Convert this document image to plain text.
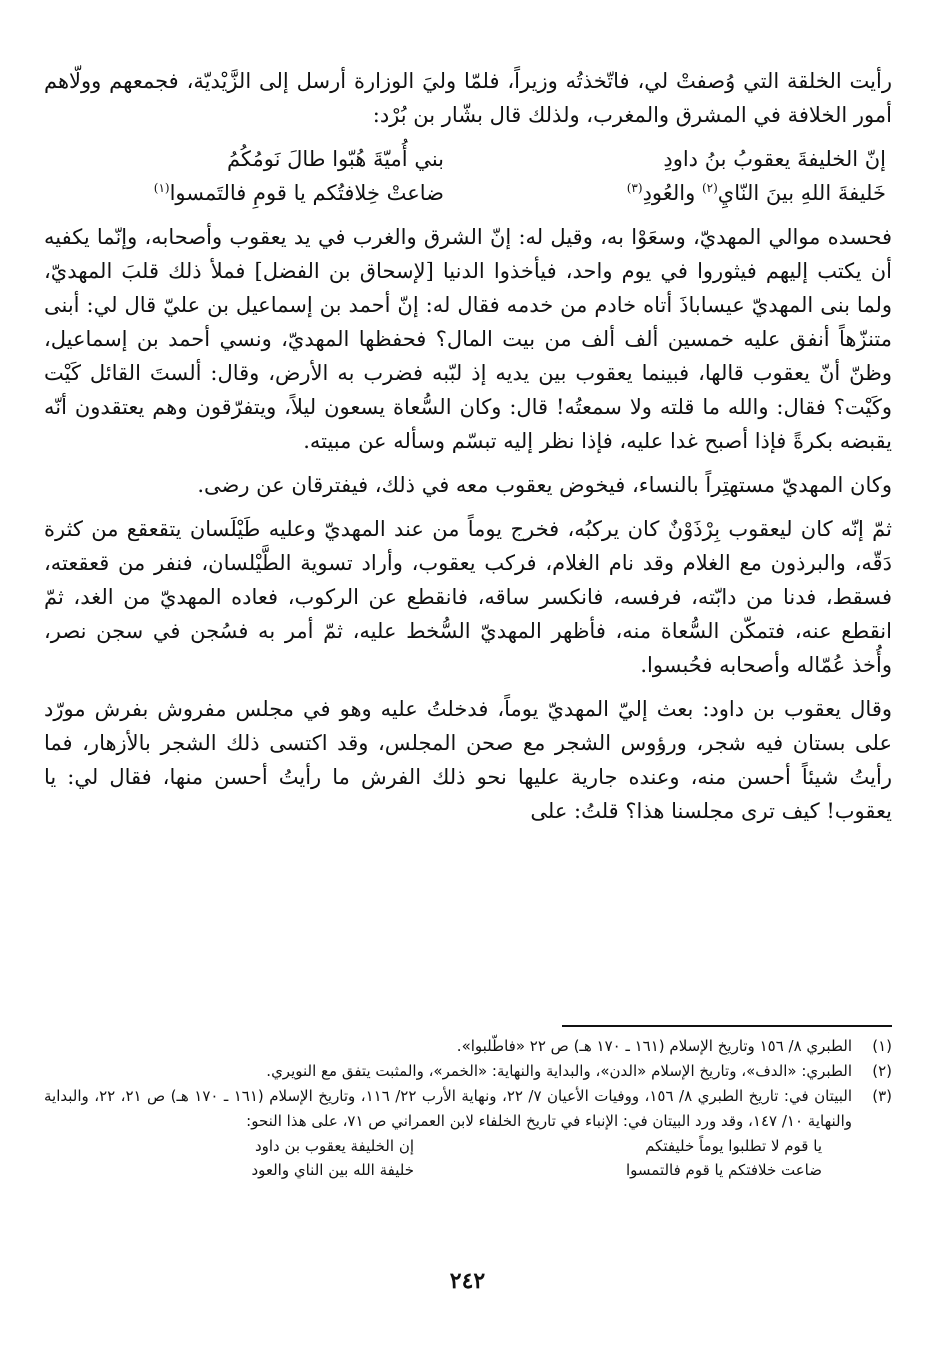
رأيت الخلقة التي وُصفتْ لي، فاتّخذتُه وزيراً، فلمّا وليَ الوزارة أرسل إلى الزَّيْديّة، فجمعهم وولّاهم أمور الخلافة في المشرق والمغرب، ولذلك قال بشّار بن بُرْد:

إنّ الخليفةَ يعقوبُ بنُ داودِ
بني أُميّةَ هُبّوا طالَ نَومُكُمُ
خَليفةَ اللهِ بينَ النّايِ$^{(٢)}$ والعُودِ$^{(٣)}$
ضاعتْ خِلافتُكم يا قومِ فالتَمسوا$^{(١)}$

فحسده موالي المهديّ، وسعَوْا به، وقيل له: إنّ الشرق والغرب في يد يعقوب وأصحابه، وإنّما يكفيه أن يكتب إليهم فيثوروا في يوم واحد، فيأخذوا الدنيا [لإسحاق بن الفضل] فملأ ذلك قلبَ المهديّ، ولما بنى المهديّ عيساباذَ أتاه خادم من خدمه فقال له: إنّ أحمد بن إسماعيل بن عليّ قال لي: أبنى متنزّهاً أنفق عليه خمسين ألف ألف من بيت المال؟ فحفظها المهديّ، ونسي أحمد بن إسماعيل، وظنّ أنّ يعقوب قالها، فبينما يعقوب بين يديه إذ لبّبه فضرب به الأرض، وقال: ألستَ القائل كَيْت وكَيْت؟ فقال: والله ما قلته ولا سمعتُه! قال: وكان السُّعاة يسعون ليلاً، ويتفرّقون وهم يعتقدون أنّه يقبضه بكرةً فإذا أصبح غدا عليه، فإذا نظر إليه تبسّم وسأله عن مبيته.

وكان المهديّ مستهتِراً بالنساء، فيخوض يعقوب معه في ذلك، فيفترقان عن رضى.

ثمّ إنّه كان ليعقوب بِرْذَوْنٌ كان يركبُه، فخرج يوماً من عند المهديّ وعليه طَيْلَسان يتقعقع من كثرة دَقّه، والبرذون مع الغلام وقد نام الغلام، فركب يعقوب، وأراد تسوية الطَّيْلسان، فنفر من قعقعته، فسقط، فدنا من دابّته، فرفسه، فانكسر ساقه، فانقطع عن الركوب، فعاده المهديّ من الغد، ثمّ انقطع عنه، فتمكّن السُّعاة منه، فأظهر المهديّ السُّخط عليه، ثمّ أمر به فسُجن في سجن نصر، وأُخذ عُمّاله وأصحابه فحُبسوا.

وقال يعقوب بن داود: بعث إليّ المهديّ يوماً، فدخلتُ عليه وهو في مجلس مفروش بفرش مورّد على بستان فيه شجر، ورؤوس الشجر مع صحن المجلس، وقد اكتسى ذلك الشجر بالأزهار، فما رأيتُ شيئاً أحسن منه، وعنده جارية عليها نحو ذلك الفرش ما رأيتُ أحسن منها، فقال لي: يا يعقوب! كيف ترى مجلسنا هذا؟ قلتُ: على

(١)
الطبري ٨/ ١٥٦ وتاريخ الإسلام (١٦١ ـ ١٧٠ هـ) ص ٢٢ «فاطّلبوا».
(٢)
الطبري: «الدف»، وتاريخ الإسلام «الدن»، والبداية والنهاية: «الخمر»، والمثبت يتفق مع النويري.
(٣)
البيتان في: تاريخ الطبري ٨/ ١٥٦، ووفيات الأعيان ٧/ ٢٢، ونهاية الأرب ٢٢/ ١١٦، وتاريخ الإسلام (١٦١ ـ ١٧٠ هـ) ص ٢١، ٢٢، والبداية والنهاية ١٠/ ١٤٧، وقد ورد البيتان في: الإنباء في تاريخ الخلفاء لابن العمراني ص ٧١، على هذا النحو:
يا قوم لا تطلبوا يوماً خليفتكم
إن الخليفة يعقوب بن داود
ضاعت خلافتكم يا قوم فالتمسوا
خليفة الله بين الناي والعود
٢٤٢
